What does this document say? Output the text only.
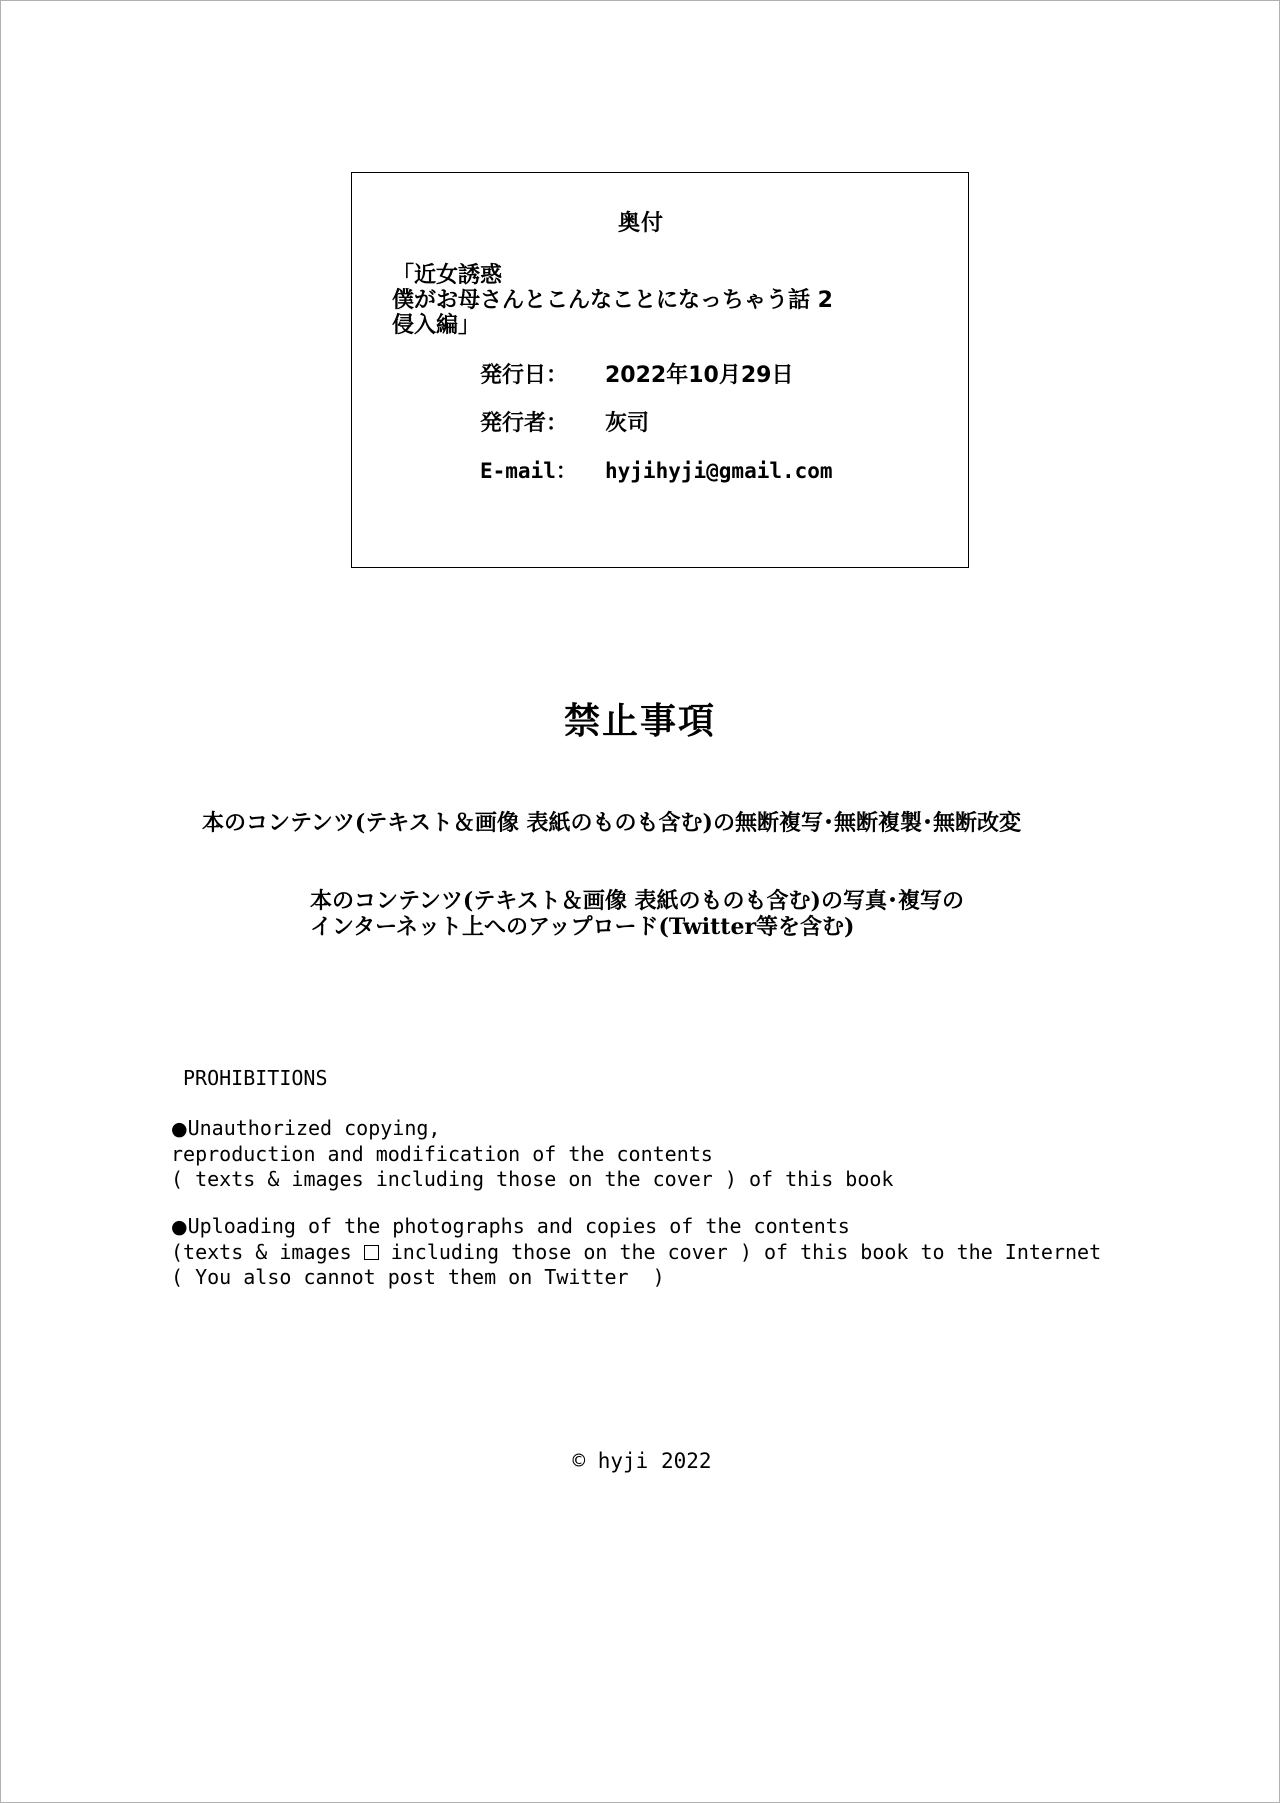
奥付
「近女誘惑
僕がお母さんとこんなことになっちゃう話 2
侵入編」
発行日： 2022年10月29日
発行者： 灰司
E-mail： hyjihyji@gmail.com
禁止事項
本のコンテンツ(テキスト＆画像 表紙のものも含む)の無断複写･無断複製･無断改変
本のコンテンツ(テキスト＆画像 表紙のものも含む)の写真･複写の
インターネット上へのアップロード(Twitter等を含む)
PROHIBITIONS
●Unauthorized copying,
reproduction and modification of the contents
( texts & images including those on the cover ) of this book
●Uploading of the photographs and copies of the contents
(texts & images  including those on the cover ) of this book to the Internet
( You also cannot post them on Twitter  )
© hyji 2022
